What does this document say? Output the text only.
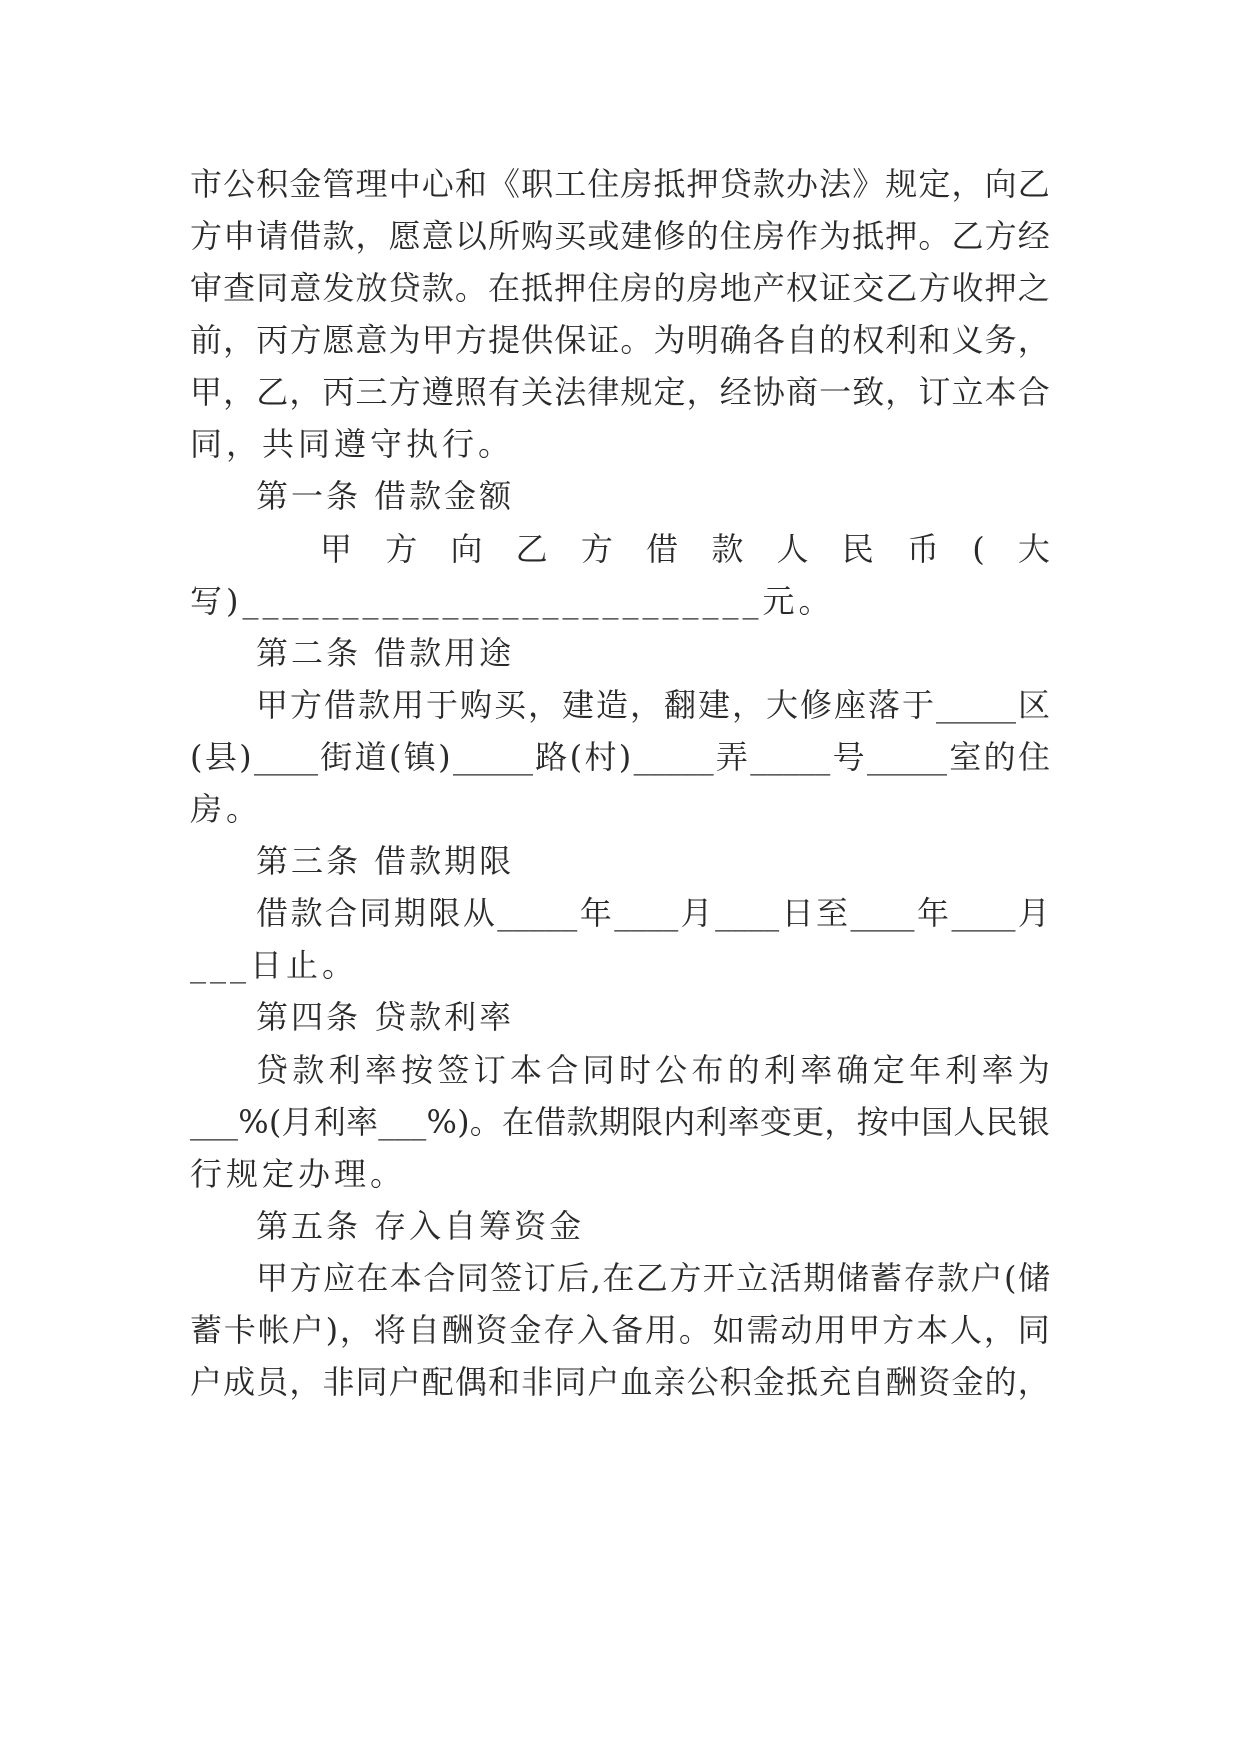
市 公 积 金 管 理 中 心 和 《 职 工 住 房 抵 押 贷 款 办 法 》 规 定 ， 向 乙
方 申 请 借 款 ， 愿 意 以 所 购 买 或 建 修 的 住 房 作 为 抵 押 。 乙 方 经
审 查 同 意 发 放 贷 款 。 在 抵 押 住 房 的 房 地 产 权 证 交 乙 方 收 押 之
前 ， 丙 方 愿 意 为 甲 方 提 供 保 证 。 为 明 确 各 自 的 权 利 和 义 务 ，
甲 ， 乙 ， 丙 三 方 遵 照 有 关 法 律 规 定 ， 经 协 商 一 致 ， 订 立 本 合
同，共同遵守执行。
第一条 借款金额
甲 方 向 乙 方 借 款 人 民 币 ( 大
写)__________________________元。
第二条 借款用途
甲 方 借 款 用 于 购 买 ， 建 造 ， 翻 建 ， 大 修 座 落 于 _____ 区
( 县 ) ____ 街 道 ( 镇 ) _____ 路 ( 村 ) _____ 弄 _____ 号 _____ 室 的 住
房。
第三条 借款期限
借 款 合 同 期 限 从 _____ 年 ____ 月 ____ 日 至 ____ 年 ____ 月
___日止。
第四条 贷款利率
贷 款 利 率 按 签 订 本 合 同 时 公 布 的 利 率 确 定 年 利 率 为
___ % ( 月 利 率 ___ % ) 。 在 借 款 期 限 内 利 率 变 更 ， 按 中 国 人 民 银
行规定办理。
第五条 存入自筹资金
甲 方 应 在 本 合 同 签 订 后 , 在 乙 方 开 立 活 期 储 蓄 存 款 户 ( 储
蓄 卡 帐 户 ) ， 将 自 酬 资 金 存 入 备 用 。 如 需 动 用 甲 方 本 人 ， 同
户 成 员 ， 非 同 户 配 偶 和 非 同 户 血 亲 公 积 金 抵 充 自 酬 资 金 的 ，
